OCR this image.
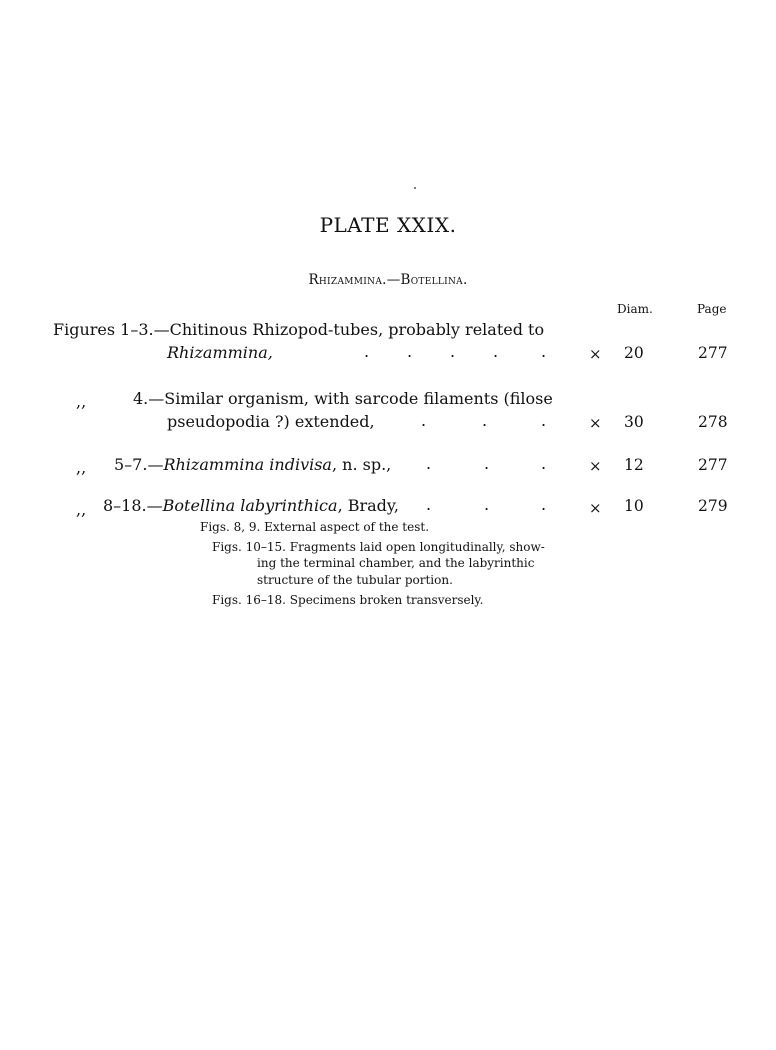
PLATE XXIX.
Rhizammina.—Botellina.
Diam.	Page
Figures 1–3.—Chitinous Rhizopod-tubes, probably related to
Rhizammina,	. . . .	.	× 20	277
,,	4.—Similar organism, with sarcode filaments (filose
pseudopodia ?) extended,	.	.	.	× 30	278
,, 5–7.—Rhizammina indivisa, n. sp., .	.	.	× 12	277
,, 8–18.—Botellina labyrinthica, Brady, .	.	.	× 10	279
Figs. 8, 9. External aspect of the test.
Figs. 10–15. Fragments laid open longitudinally, show-
ing the terminal chamber, and the labyrinthic
structure of the tubular portion.
Figs. 16–18. Specimens broken transversely.
